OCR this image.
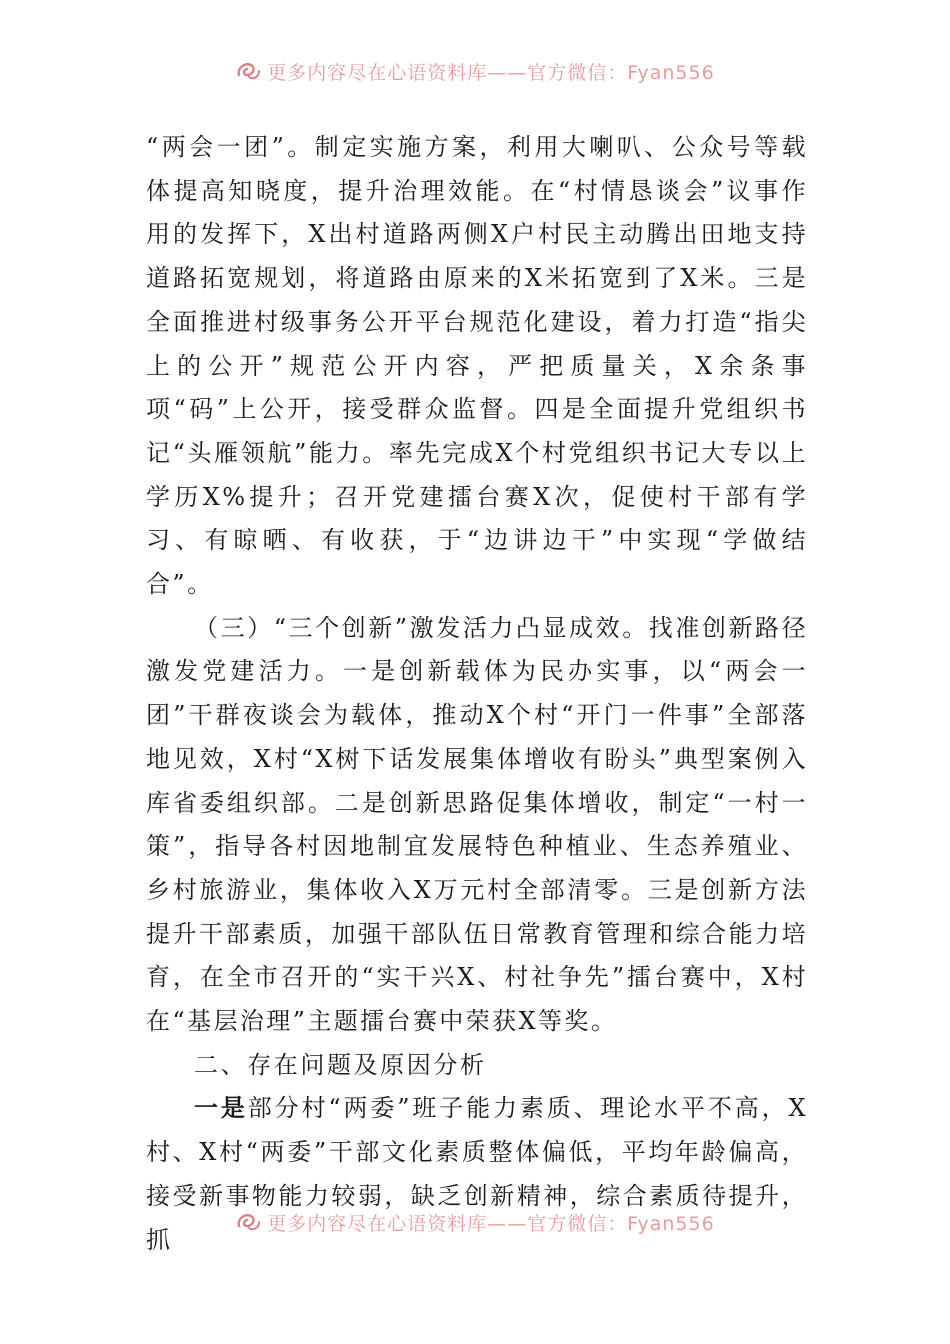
更多内容尽在心语资料库——官方微信：Fyan556

“两会一团”。制定实施方案，利用大喇叭、公众号等载体提高知晓度，提升治理效能。在“村情恳谈会”议事作用的发挥下，X出村道路两侧X户村民主动腾出田地支持道路拓宽规划，将道路由原来的X米拓宽到了X米。三是全面推进村级事务公开平台规范化建设，着力打造“指尖上的公开”规范公开内容，严把质量关，X余条事项“码”上公开，接受群众监督。四是全面提升党组织书记“头雁领航”能力。率先完成X个村党组织书记大专以上学历X%提升；召开党建擂台赛X次，促使村干部有学习、有晾晒、有收获，于“边讲边干”中实现“学做结合”。

（三）“三个创新”激发活力凸显成效。找准创新路径激发党建活力。一是创新载体为民办实事，以“两会一团”干群夜谈会为载体，推动X个村“开门一件事”全部落地见效，X村“X树下话发展集体增收有盼头”典型案例入库省委组织部。二是创新思路促集体增收，制定“一村一策”，指导各村因地制宜发展特色种植业、生态养殖业、乡村旅游业，集体收入X万元村全部清零。三是创新方法提升干部素质，加强干部队伍日常教育管理和综合能力培育，在全市召开的“实干兴X、村社争先”擂台赛中，X村在“基层治理”主题擂台赛中荣获X等奖。

二、存在问题及原因分析

一是部分村“两委”班子能力素质、理论水平不高，X村、X村“两委”干部文化素质整体偏低，平均年龄偏高，接受新事物能力较弱，缺乏创新精神，综合素质待提升，抓

更多内容尽在心语资料库——官方微信：Fyan556
